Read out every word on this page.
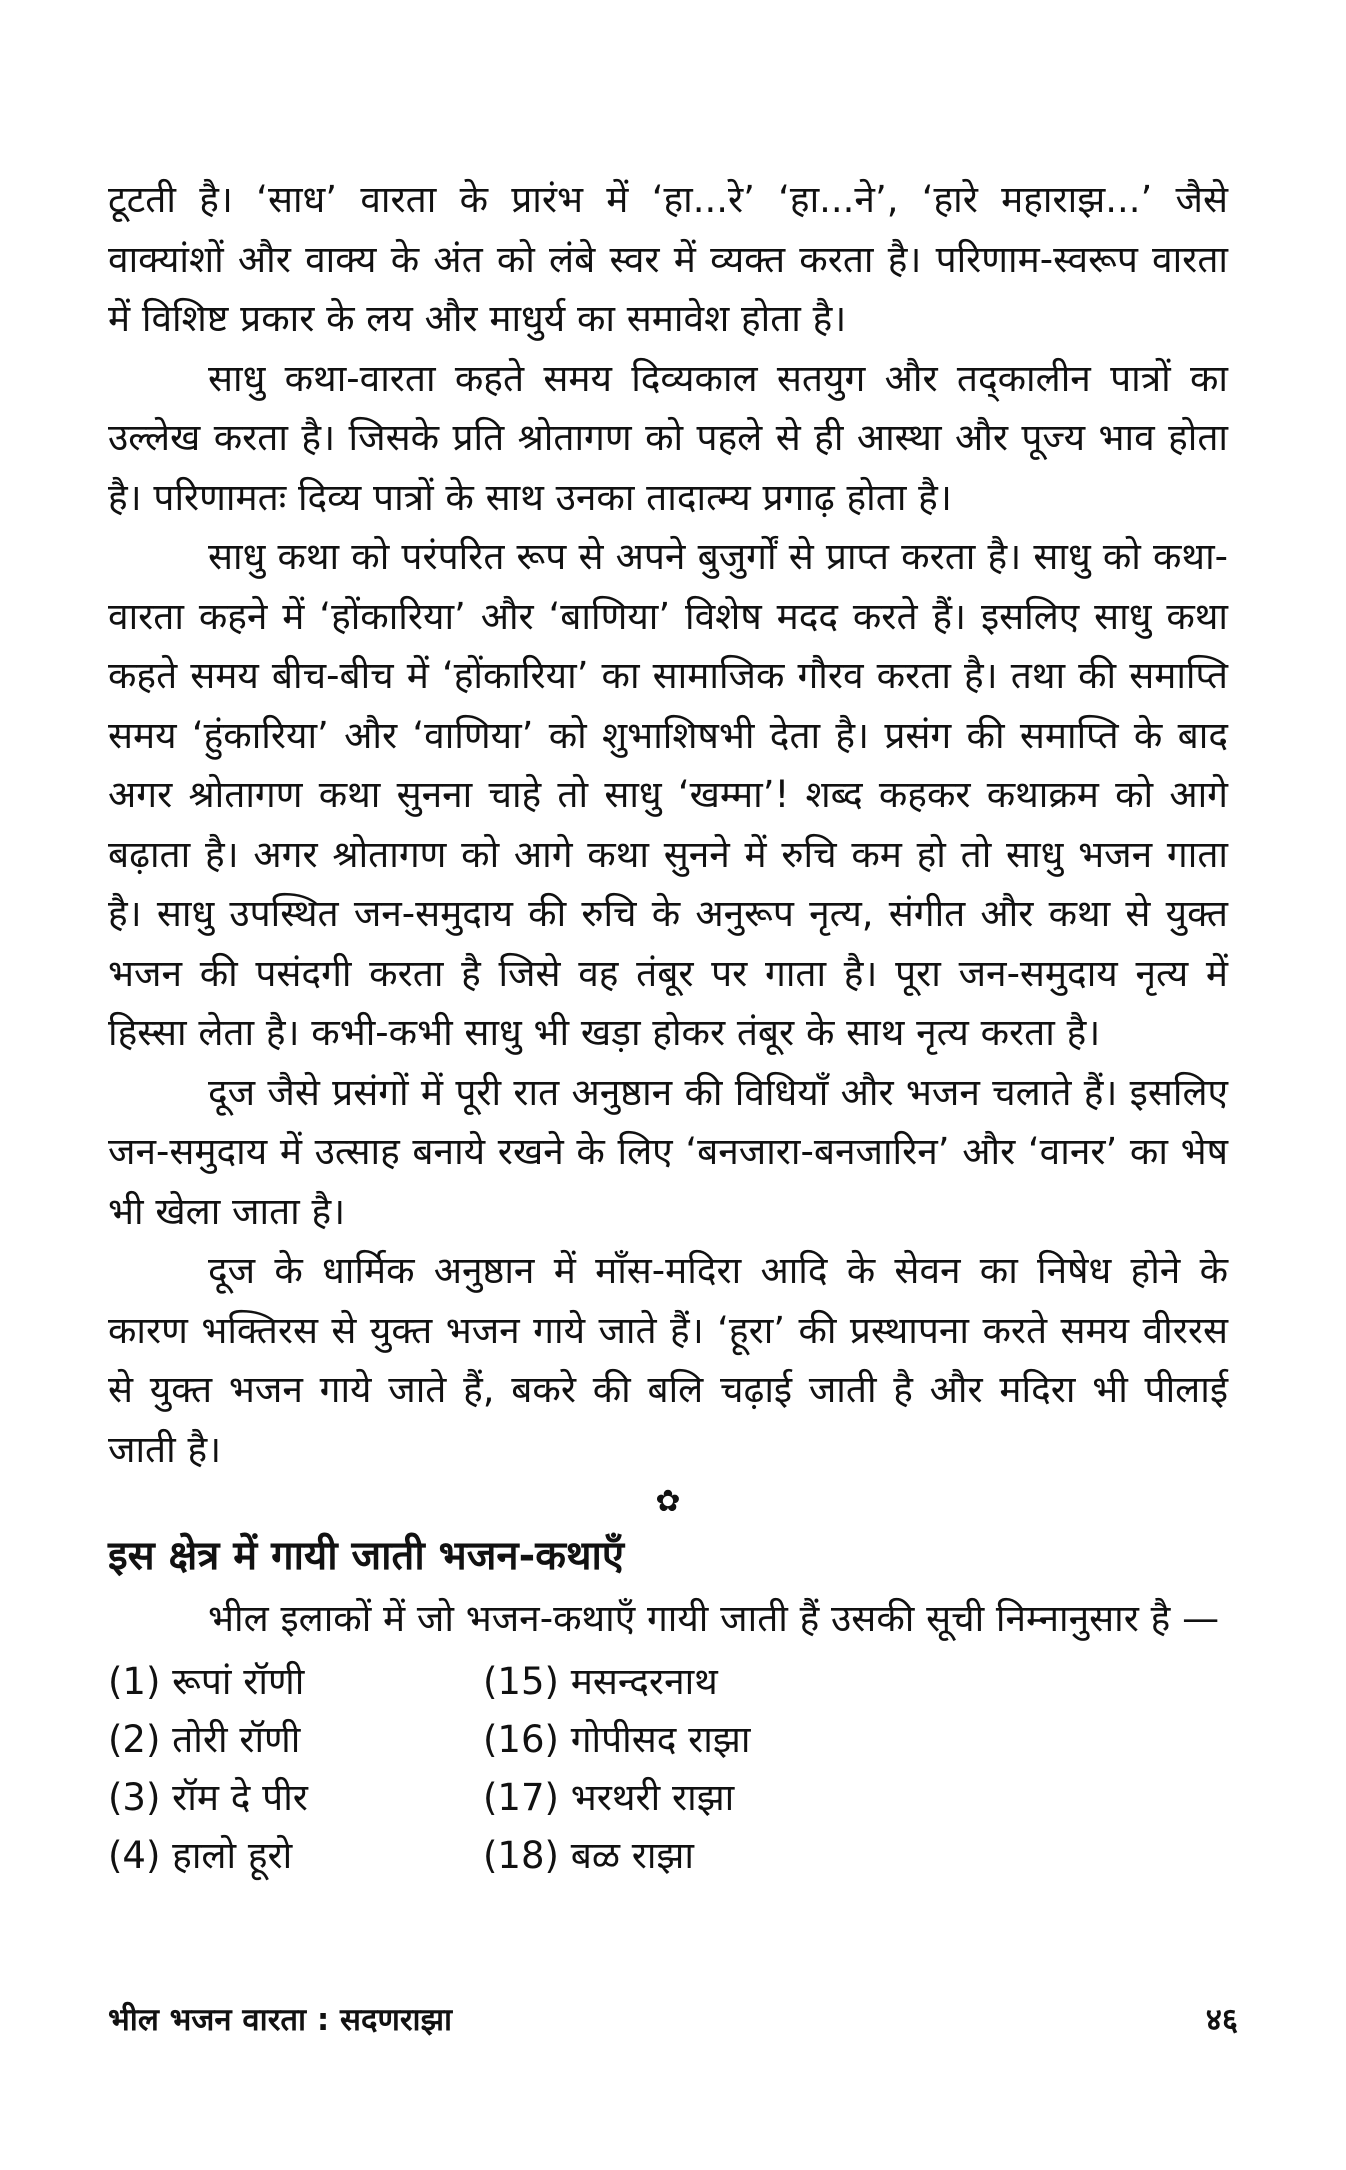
टूटती है। ‘साध’ वारता के प्रारंभ में ‘हा...रे’ ‘हा...ने’, ‘हारे महाराझ...’ जैसे वाक्यांशों और वाक्य के अंत को लंबे स्वर में व्यक्त करता है। परिणाम-स्वरूप वारता में विशिष्ट प्रकार के लय और माधुर्य का समावेश होता है।

साधु कथा-वारता कहते समय दिव्यकाल सतयुग और तद्‌कालीन पात्रों का उल्लेख करता है। जिसके प्रति श्रोतागण को पहले से ही आस्था और पूज्य भाव होता है। परिणामतः दिव्य पात्रों के साथ उनका तादात्म्य प्रगाढ़ होता है।

साधु कथा को परंपरित रूप से अपने बुजुर्गों से प्राप्त करता है। साधु को कथा-वारता कहने में ‘होंकारिया’ और ‘बाणिया’ विशेष मदद करते हैं। इसलिए साधु कथा कहते समय बीच-बीच में ‘होंकारिया’ का सामाजिक गौरव करता है। तथा की समाप्ति समय ‘हुंकारिया’ और ‘वाणिया’ को शुभाशिषभी देता है। प्रसंग की समाप्ति के बाद अगर श्रोतागण कथा सुनना चाहे तो साधु ‘खम्मा’! शब्द कहकर कथाक्रम को आगे बढ़ाता है। अगर श्रोतागण को आगे कथा सुनने में रुचि कम हो तो साधु भजन गाता है। साधु उपस्थित जन-समुदाय की रुचि के अनुरूप नृत्य, संगीत और कथा से युक्त भजन की पसंदगी करता है जिसे वह तंबूर पर गाता है। पूरा जन-समुदाय नृत्य में हिस्सा लेता है। कभी-कभी साधु भी खड़ा होकर तंबूर के साथ नृत्य करता है।

दूज जैसे प्रसंगों में पूरी रात अनुष्ठान की विधियाँ और भजन चलाते हैं। इसलिए जन-समुदाय में उत्साह बनाये रखने के लिए ‘बनजारा-बनजारिन’ और ‘वानर’ का भेष भी खेला जाता है।

दूज के धार्मिक अनुष्ठान में माँस-मदिरा आदि के सेवन का निषेध होने के कारण भक्तिरस से युक्त भजन गाये जाते हैं। ‘हूरा’ की प्रस्थापना करते समय वीररस से युक्त भजन गाये जाते हैं, बकरे की बलि चढ़ाई जाती है और मदिरा भी पीलाई जाती है।

✿
इस क्षेत्र में गायी जाती भजन-कथाएँ

भील इलाकों में जो भजन-कथाएँ गायी जाती हैं उसकी सूची निम्नानुसार है —

(1) रूपां रॉणी	(15) मसन्दरनाथ
(2) तोरी रॉणी	(16) गोपीसद राझा
(3) रॉम दे पीर	(17) भरथरी राझा
(4) हालो हूरो	(18) बळ राझा
भील भजन वारता : सदणराझा	४६
